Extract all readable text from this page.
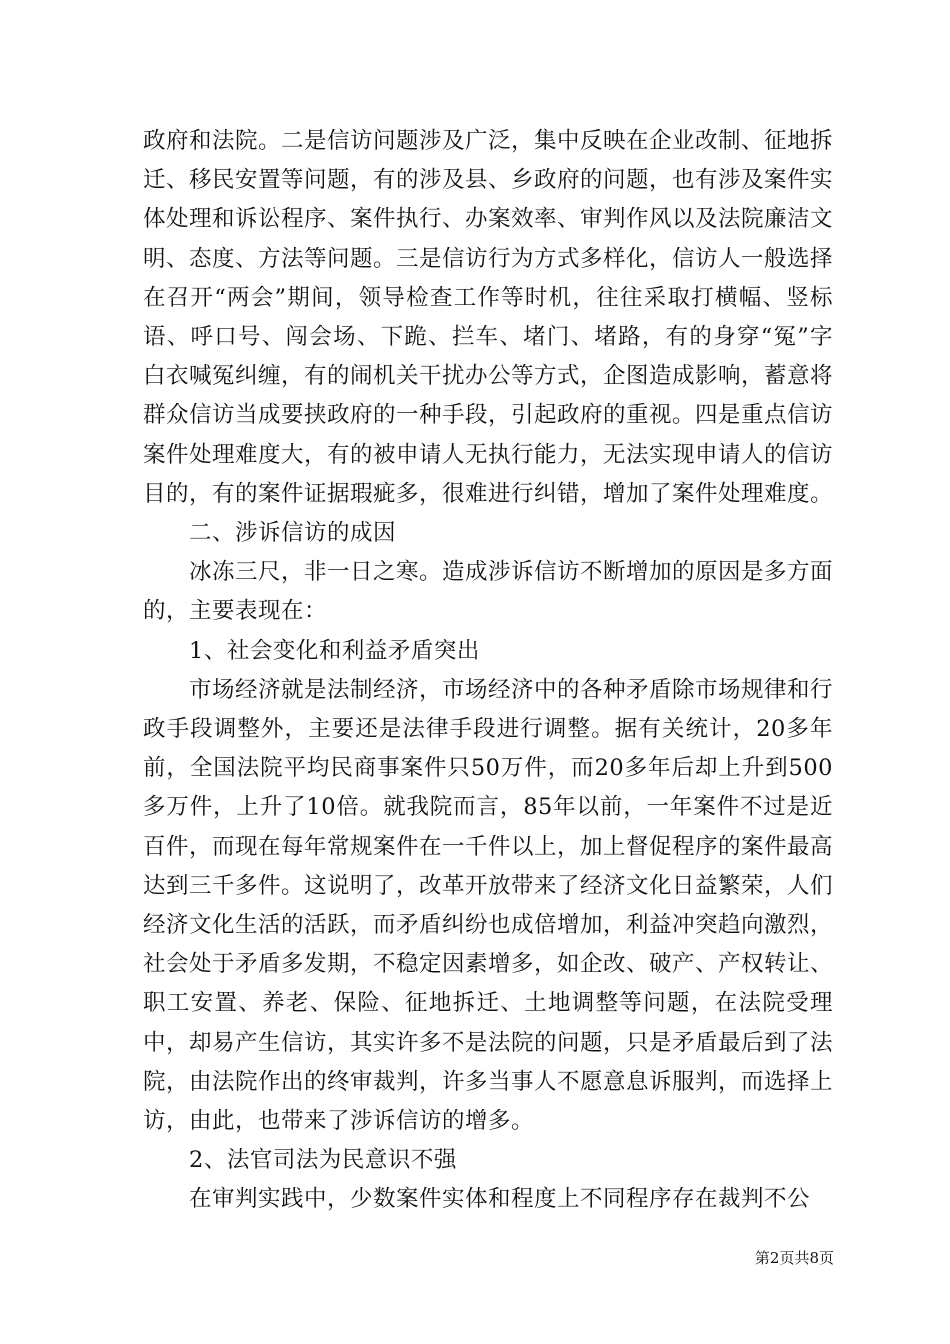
政府和法院。二是信访问题涉及广泛，集中反映在企业改制、征地拆迁、移民安置等问题，有的涉及县、乡政府的问题，也有涉及案件实体处理和诉讼程序、案件执行、办案效率、审判作风以及法院廉洁文明、态度、方法等问题。三是信访行为方式多样化，信访人一般选择在召开“两会”期间，领导检查工作等时机，往往采取打横幅、竖标语、呼口号、闯会场、下跪、拦车、堵门、堵路，有的身穿“冤”字白衣喊冤纠缠，有的闹机关干扰办公等方式，企图造成影响，蓄意将群众信访当成要挟政府的一种手段，引起政府的重视。四是重点信访案件处理难度大，有的被申请人无执行能力，无法实现申请人的信访目的，有的案件证据瑕疵多，很难进行纠错，增加了案件处理难度。

二、涉诉信访的成因

冰冻三尺，非一日之寒。造成涉诉信访不断增加的原因是多方面的，主要表现在：

1、社会变化和利益矛盾突出

市场经济就是法制经济，市场经济中的各种矛盾除市场规律和行政手段调整外，主要还是法律手段进行调整。据有关统计，20多年前，全国法院平均民商事案件只50万件，而20多年后却上升到500多万件，上升了10倍。就我院而言，85年以前，一年案件不过是近百件，而现在每年常规案件在一千件以上，加上督促程序的案件最高达到三千多件。这说明了，改革开放带来了经济文化日益繁荣，人们经济文化生活的活跃，而矛盾纠纷也成倍增加，利益冲突趋向激烈，社会处于矛盾多发期，不稳定因素增多，如企改、破产、产权转让、职工安置、养老、保险、征地拆迁、土地调整等问题，在法院受理中，却易产生信访，其实许多不是法院的问题，只是矛盾最后到了法院，由法院作出的终审裁判，许多当事人不愿意息诉服判，而选择上访，由此，也带来了涉诉信访的增多。

2、法官司法为民意识不强

在审判实践中，少数案件实体和程度上不同程序存在裁判不公

第2页共8页
